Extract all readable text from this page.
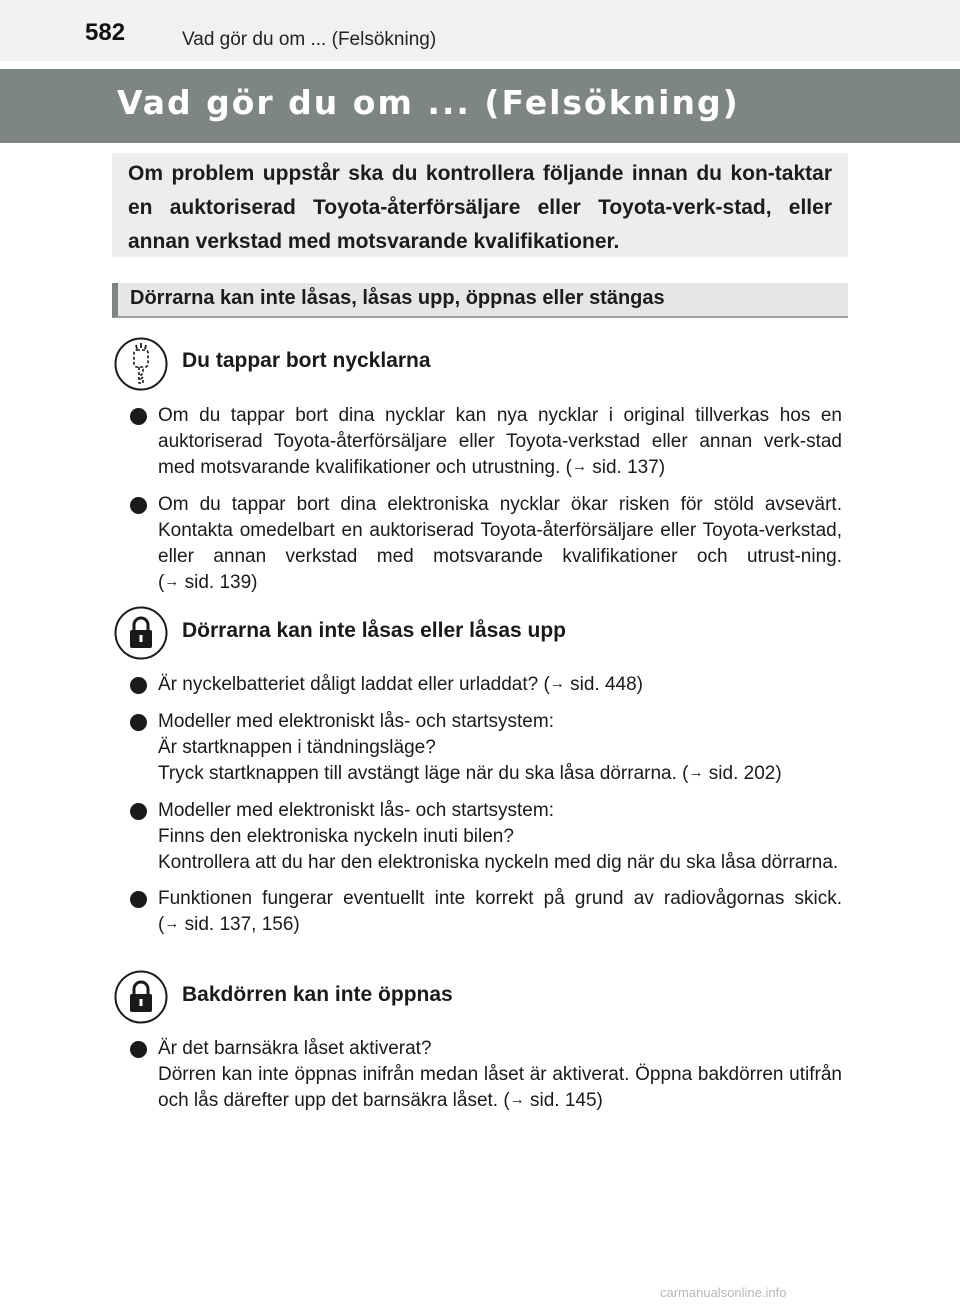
582	Vad gör du om ... (Felsökning)
Vad gör du om ... (Felsökning)

Om problem uppstår ska du kontrollera följande innan du kon-taktar en auktoriserad Toyota-återförsäljare eller Toyota-verk-stad, eller annan verkstad med motsvarande kvalifikationer.

Dörrarna kan inte låsas, låsas upp, öppnas eller stängas
Du tappar bort nycklarna
Om du tappar bort dina nycklar kan nya nycklar i original tillverkas hos en auktoriserad Toyota-återförsäljare eller Toyota-verkstad eller annan verk-stad med motsvarande kvalifikationer och utrustning. (→ sid. 137)
Om du tappar bort dina elektroniska nycklar ökar risken för stöld avsevärt. Kontakta omedelbart en auktoriserad Toyota-återförsäljare eller Toyota-verkstad, eller annan verkstad med motsvarande kvalifikationer och utrust-ning. (→ sid. 139)
Dörrarna kan inte låsas eller låsas upp
Är nyckelbatteriet dåligt laddat eller urladdat? (→ sid. 448)
Modeller med elektroniskt lås- och startsystem:
Är startknappen i tändningsläge?
Tryck startknappen till avstängt läge när du ska låsa dörrarna. (→ sid. 202)
Modeller med elektroniskt lås- och startsystem:
Finns den elektroniska nyckeln inuti bilen?
Kontrollera att du har den elektroniska nyckeln med dig när du ska låsa dörrarna.
Funktionen fungerar eventuellt inte korrekt på grund av radiovågornas skick. (→ sid. 137, 156)
Bakdörren kan inte öppnas
Är det barnsäkra låset aktiverat?
Dörren kan inte öppnas inifrån medan låset är aktiverat. Öppna bakdörren utifrån och lås därefter upp det barnsäkra låset. (→ sid. 145)
carmanualsonline.info
